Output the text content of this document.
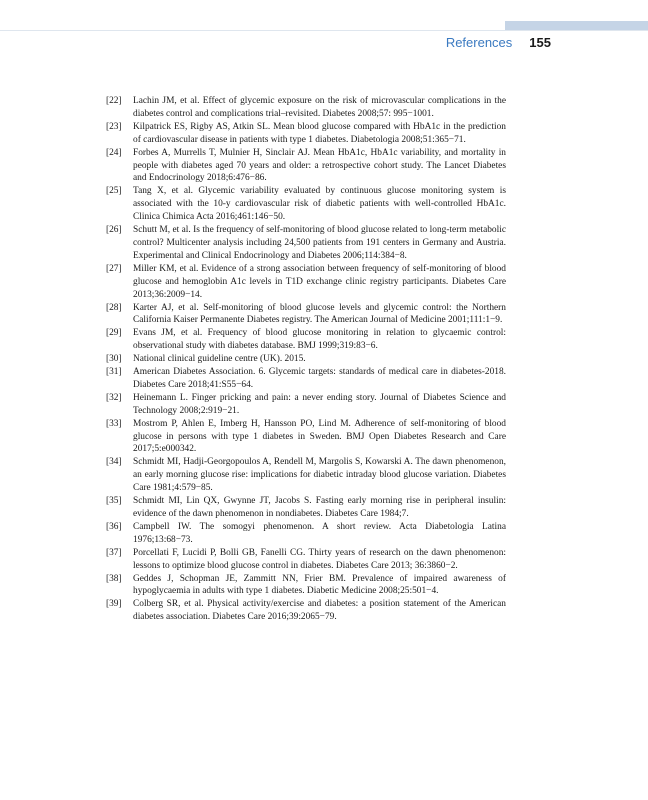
References 155
[22]	Lachin JM, et al. Effect of glycemic exposure on the risk of microvascular complications in the diabetes control and complications trial–revisited. Diabetes 2008;57: 995−1001.
[23]	Kilpatrick ES, Rigby AS, Atkin SL. Mean blood glucose compared with HbA1c in the prediction of cardiovascular disease in patients with type 1 diabetes. Diabetologia 2008;51:365−71.
[24]	Forbes A, Murrells T, Mulnier H, Sinclair AJ. Mean HbA1c, HbA1c variability, and mortality in people with diabetes aged 70 years and older: a retrospective cohort study. The Lancet Diabetes and Endocrinology 2018;6:476−86.
[25]	Tang X, et al. Glycemic variability evaluated by continuous glucose monitoring system is associated with the 10-y cardiovascular risk of diabetic patients with well-controlled HbA1c. Clinica Chimica Acta 2016;461:146−50.
[26]	Schutt M, et al. Is the frequency of self-monitoring of blood glucose related to long-term metabolic control? Multicenter analysis including 24,500 patients from 191 centers in Germany and Austria. Experimental and Clinical Endocrinology and Diabetes 2006;114:384−8.
[27]	Miller KM, et al. Evidence of a strong association between frequency of self-monitoring of blood glucose and hemoglobin A1c levels in T1D exchange clinic registry participants. Diabetes Care 2013;36:2009−14.
[28]	Karter AJ, et al. Self-monitoring of blood glucose levels and glycemic control: the Northern California Kaiser Permanente Diabetes registry. The American Journal of Medicine 2001;111:1−9.
[29]	Evans JM, et al. Frequency of blood glucose monitoring in relation to glycaemic control: observational study with diabetes database. BMJ 1999;319:83−6.
[30]	National clinical guideline centre (UK). 2015.
[31]	American Diabetes Association. 6. Glycemic targets: standards of medical care in diabetes-2018. Diabetes Care 2018;41:S55−64.
[32]	Heinemann L. Finger pricking and pain: a never ending story. Journal of Diabetes Science and Technology 2008;2:919−21.
[33]	Mostrom P, Ahlen E, Imberg H, Hansson PO, Lind M. Adherence of self-monitoring of blood glucose in persons with type 1 diabetes in Sweden. BMJ Open Diabetes Research and Care 2017;5:e000342.
[34]	Schmidt MI, Hadji-Georgopoulos A, Rendell M, Margolis S, Kowarski A. The dawn phenomenon, an early morning glucose rise: implications for diabetic intraday blood glucose variation. Diabetes Care 1981;4:579−85.
[35]	Schmidt MI, Lin QX, Gwynne JT, Jacobs S. Fasting early morning rise in peripheral insulin: evidence of the dawn phenomenon in nondiabetes. Diabetes Care 1984;7.
[36]	Campbell IW. The somogyi phenomenon. A short review. Acta Diabetologia Latina 1976;13:68−73.
[37]	Porcellati F, Lucidi P, Bolli GB, Fanelli CG. Thirty years of research on the dawn phenomenon: lessons to optimize blood glucose control in diabetes. Diabetes Care 2013; 36:3860−2.
[38]	Geddes J, Schopman JE, Zammitt NN, Frier BM. Prevalence of impaired awareness of hypoglycaemia in adults with type 1 diabetes. Diabetic Medicine 2008;25:501−4.
[39]	Colberg SR, et al. Physical activity/exercise and diabetes: a position statement of the American diabetes association. Diabetes Care 2016;39:2065−79.
